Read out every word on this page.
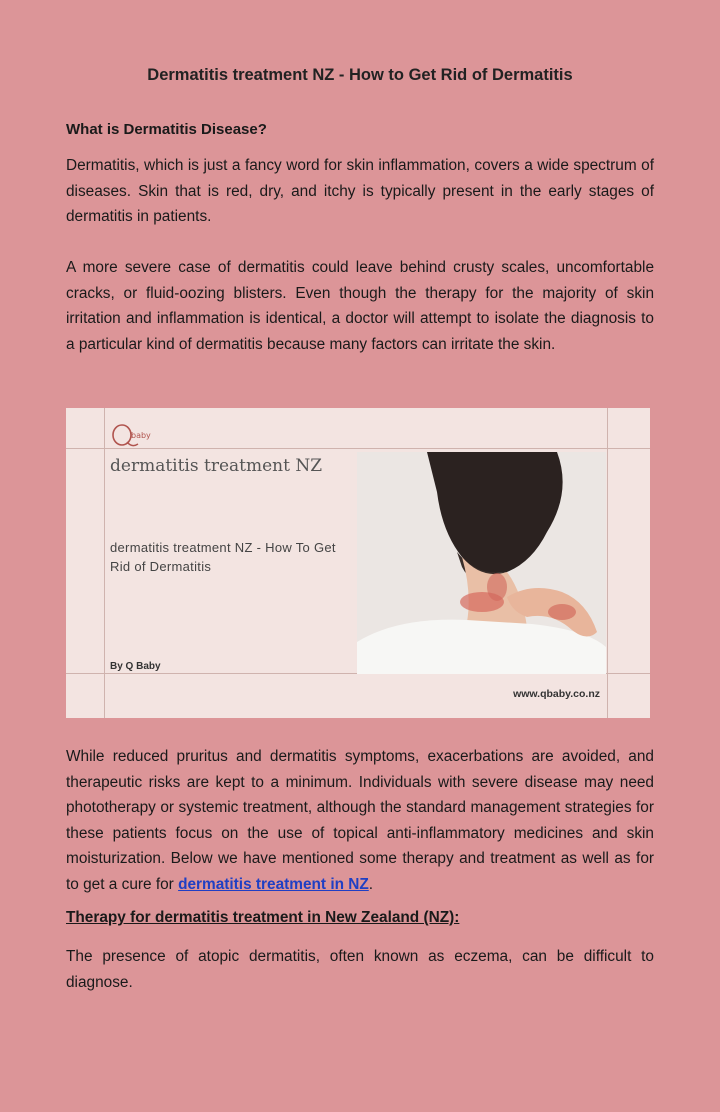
Dermatitis treatment NZ - How to Get Rid of Dermatitis
What is Dermatitis Disease?
Dermatitis, which is just a fancy word for skin inflammation, covers a wide spectrum of diseases. Skin that is red, dry, and itchy is typically present in the early stages of dermatitis in patients.
A more severe case of dermatitis could leave behind crusty scales, uncomfortable cracks, or fluid-oozing blisters. Even though the therapy for the majority of skin irritation and inflammation is identical, a doctor will attempt to isolate the diagnosis to a particular kind of dermatitis because many factors can irritate the skin.
baby
dermatitis treatment NZ
dermatitis treatment NZ - How To Get Rid of Dermatitis
By Q Baby
www.qbaby.co.nz
While reduced pruritus and dermatitis symptoms, exacerbations are avoided, and therapeutic risks are kept to a minimum. Individuals with severe disease may need phototherapy or systemic treatment, although the standard management strategies for these patients focus on the use of topical anti-inflammatory medicines and skin moisturization. Below we have mentioned some therapy and treatment as well as for to get a cure for dermatitis treatment in NZ.
Therapy for dermatitis treatment in New Zealand (NZ):
The presence of atopic dermatitis, often known as eczema, can be difficult to diagnose.
